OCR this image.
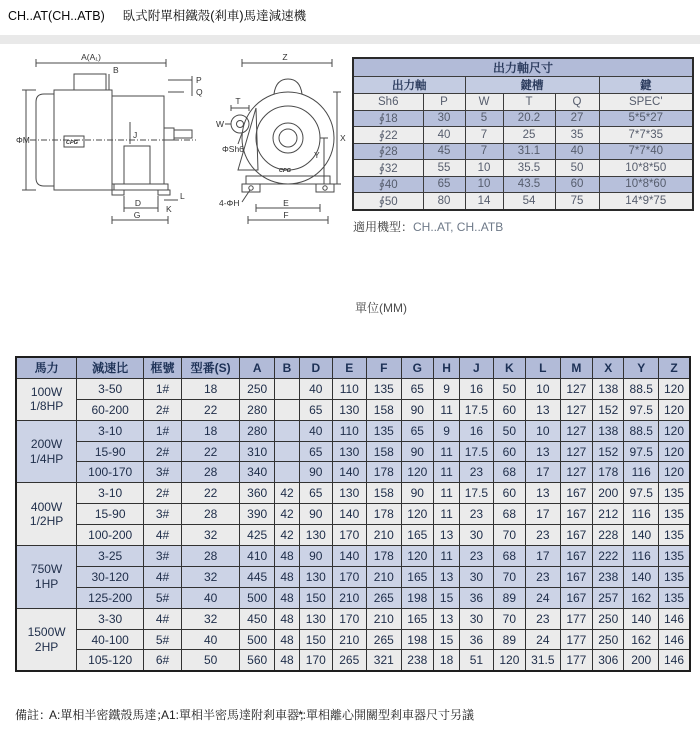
CH..AT(CH..ATB) 臥式附單相鐵殼(剎車)馬達減速機
A(A₁)
B
ΦM	J
P
Q
D
G
K
L
CPG
Z
T
W
ΦSh6
X
Y
4-ΦH	E
F
CPG
出力軸尺寸					
出力軸		鍵槽			鍵
Sh6	P	W	T	Q	SPEC'
∮18	30	5	20.2	27	5*5*27
∮22	40	7	25	35	7*7*35
∮28	45	7	31.1	40	7*7*40
∮32	55	10	35.5	50	10*8*50
∮40	65	10	43.5	60	10*8*60
∮50	80	14	54	75	14*9*75
適用機型：CH..AT, CH..ATB
單位(MM)
馬力	減速比	框號	型番(S)	A	B	D	E	F	G	H	J	K	L	M	X	Y	Z

100W
1/8HP	3-50	1#	18	250		40	110	135	65	9	16	50	10	127	138	88.5	120
	60-200	2#	22	280		65	130	158	90	11	17.5	60	13	127	152	97.5	120

200W
1/4HP	3-10	1#	18	280		40	110	135	65	9	16	50	10	127	138	88.5	120
	15-90	2#	22	310		65	130	158	90	11	17.5	60	13	127	152	97.5	120
	100-170	3#	28	340		90	140	178	120	11	23	68	17	127	178	116	120

400W
1/2HP	3-10	2#	22	360	42	65	130	158	90	11	17.5	60	13	167	200	97.5	135
	15-90	3#	28	390	42	90	140	178	120	11	23	68	17	167	212	116	135
	100-200	4#	32	425	42	130	170	210	165	13	30	70	23	167	228	140	135

750W
1HP	3-25	3#	28	410	48	90	140	178	120	11	23	68	17	167	222	116	135
	30-120	4#	32	445	48	130	170	210	165	13	30	70	23	167	238	140	135
	125-200	5#	40	500	48	150	210	265	198	15	36	89	24	167	257	162	135

1500W
2HP	3-30	4#	32	450	48	130	170	210	165	13	30	70	23	177	250	140	146
	40-100	5#	40	500	48	150	210	265	198	15	36	89	24	177	250	162	146
	105-120	6#	50	560	48	170	265	321	238	18	51	120	31.5	177	306	200	146
備註：
A:單相半密鐵殼馬達；
A1:單相半密馬達附剎車器；
*:單相離心開關型剎車器尺寸另議
